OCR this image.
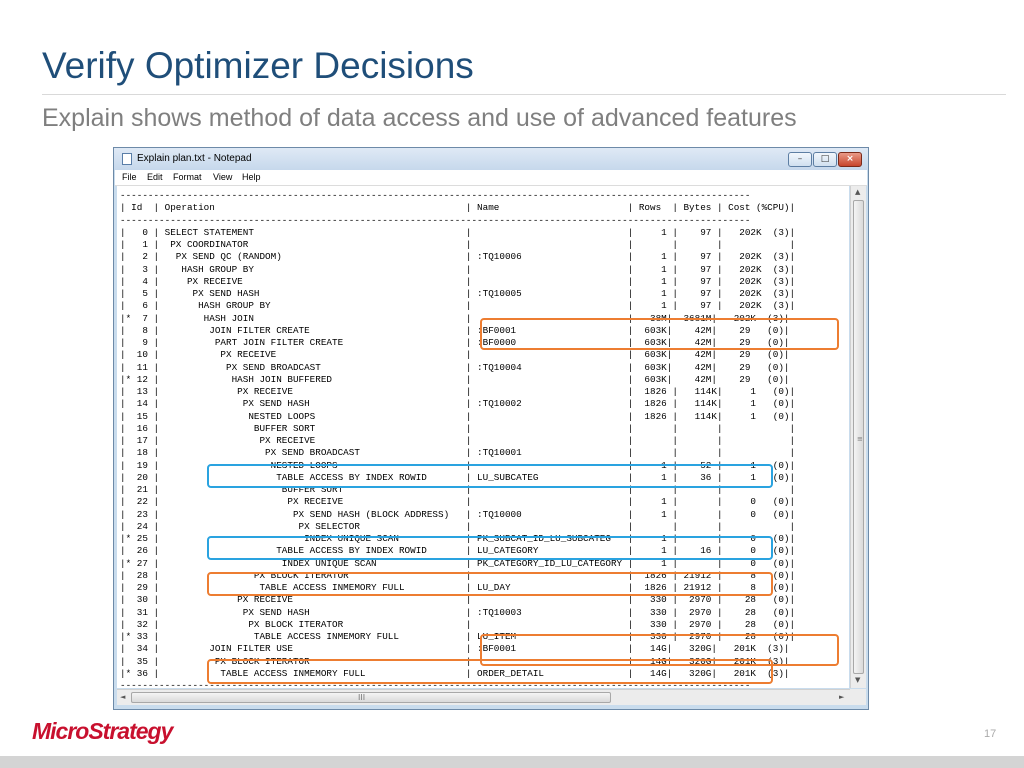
Verify Optimizer Decisions

Explain shows method of data access and use of advanced features

Explain plan.txt - Notepad	–	□	×
File Edit Format View Help
-----------------------------------------------------------------------------------------------------------------
| Id  | Operation                                             | Name                       | Rows  | Bytes | Cost (%CPU)|
-----------------------------------------------------------------------------------------------------------------
|   0 | SELECT STATEMENT                                      |                            |     1 |    97 |   202K  (3)|
|   1 |  PX COORDINATOR                                       |                            |       |       |            |
|   2 |   PX SEND QC (RANDOM)                                 | :TQ10006                   |     1 |    97 |   202K  (3)|
|   3 |    HASH GROUP BY                                      |                            |     1 |    97 |   202K  (3)|
|   4 |     PX RECEIVE                                        |                            |     1 |    97 |   202K  (3)|
|   5 |      PX SEND HASH                                     | :TQ10005                   |     1 |    97 |   202K  (3)|
|   6 |       HASH GROUP BY                                   |                            |     1 |    97 |   202K  (3)|
|*  7 |        HASH JOIN                                      |                            |   38M|  3681M|   202K  (3)|
|   8 |         JOIN FILTER CREATE                            | :BF0001                    |  603K|    42M|    29   (0)|
|   9 |          PART JOIN FILTER CREATE                      | :BF0000                    |  603K|    42M|    29   (0)|
|  10 |           PX RECEIVE                                  |                            |  603K|    42M|    29   (0)|
|  11 |            PX SEND BROADCAST                          | :TQ10004                   |  603K|    42M|    29   (0)|
|* 12 |             HASH JOIN BUFFERED                        |                            |  603K|    42M|    29   (0)|
|  13 |              PX RECEIVE                               |                            |  1826 |   114K|     1   (0)|
|  14 |               PX SEND HASH                            | :TQ10002                   |  1826 |   114K|     1   (0)|
|  15 |                NESTED LOOPS                           |                            |  1826 |   114K|     1   (0)|
|  16 |                 BUFFER SORT                           |                            |       |       |            |
|  17 |                  PX RECEIVE                           |                            |       |       |            |
|  18 |                   PX SEND BROADCAST                   | :TQ10001                   |       |       |            |
|  19 |                    NESTED LOOPS                       |                            |     1 |    52 |     1   (0)|
|  20 |                     TABLE ACCESS BY INDEX ROWID       | LU_SUBCATEG                |     1 |    36 |     1   (0)|
|  21 |                      BUFFER SORT                      |                            |       |       |            |
|  22 |                       PX RECEIVE                      |                            |     1 |       |     0   (0)|
|  23 |                        PX SEND HASH (BLOCK ADDRESS)   | :TQ10000                   |     1 |       |     0   (0)|
|  24 |                         PX SELECTOR                   |                            |       |       |            |
|* 25 |                          INDEX UNIQUE SCAN            | PK_SUBCAT_ID_LU_SUBCATEG   |     1 |       |     0   (0)|
|  26 |                     TABLE ACCESS BY INDEX ROWID       | LU_CATEGORY                |     1 |    16 |     0   (0)|
|* 27 |                      INDEX UNIQUE SCAN                | PK_CATEGORY_ID_LU_CATEGORY |     1 |       |     0   (0)|
|  28 |                 PX BLOCK ITERATOR                     |                            |  1826 | 21912 |     8   (0)|
|  29 |                  TABLE ACCESS INMEMORY FULL           | LU_DAY                     |  1826 | 21912 |     8   (0)|
|  30 |              PX RECEIVE                               |                            |   330 |  2970 |    28   (0)|
|  31 |               PX SEND HASH                            | :TQ10003                   |   330 |  2970 |    28   (0)|
|  32 |                PX BLOCK ITERATOR                      |                            |   330 |  2970 |    28   (0)|
|* 33 |                 TABLE ACCESS INMEMORY FULL            | LU_ITEM                    |   330 |  2970 |    28   (0)|
|  34 |         JOIN FILTER USE                               | :BF0001                    |   14G|   320G|   201K  (3)|
|  35 |          PX BLOCK ITERATOR                            |                            |   14G|   320G|   201K  (3)|
|* 36 |           TABLE ACCESS INMEMORY FULL                  | ORDER_DETAIL               |   14G|   320G|   201K  (3)|
-----------------------------------------------------------------------------------------------------------------
▲
≡
▼
◄	III	►
MicroStrategy	17
